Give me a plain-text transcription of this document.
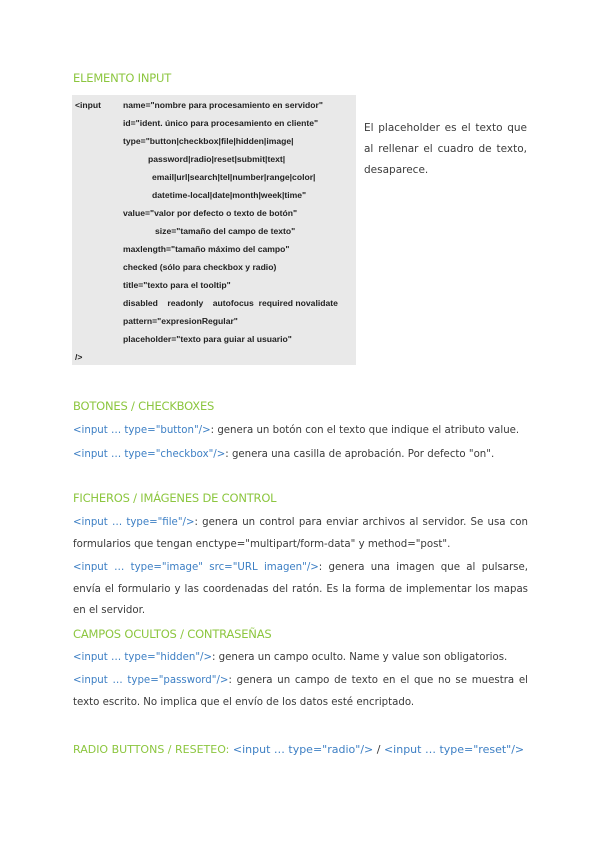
ELEMENTO INPUT
<input	name="nombre para procesamiento en servidor"
id="ident. único para procesamiento en cliente"
type="button|checkbox|file|hidden|image|
password|radio|reset|submit|text|
email|url|search|tel|number|range|color|
datetime-local|date|month|week|time"
value="valor por defecto o texto de botón"
size="tamaño del campo de texto"
maxlength="tamaño máximo del campo"
checked (sólo para checkbox y radio)
title="texto para el tooltip"
disabled    readonly    autofocus  required novalidate
pattern="expresionRegular"
placeholder="texto para guiar al usuario"
/>

El placeholder es el texto que al rellenar el cuadro de texto, desaparece.

BOTONES / CHECKBOXES

<input … type="button"/>: genera un botón con el texto que indique el atributo value.

<input … type="checkbox"/>: genera una casilla de aprobación. Por defecto "on".

FICHEROS / IMÁGENES DE CONTROL

<input … type="file"/>: genera un control para enviar archivos al servidor. Se usa con formularios que tengan enctype="multipart/form-data" y method="post".

<input … type="image" src="URL imagen"/>: genera una imagen que al pulsarse, envía el formulario y las coordenadas del ratón. Es la forma de implementar los mapas en el servidor.

CAMPOS OCULTOS / CONTRASEÑAS

<input … type="hidden"/>: genera un campo oculto. Name y value son obligatorios.

<input … type="password"/>: genera un campo de texto en el que no se muestra el texto escrito. No implica que el envío de los datos esté encriptado.

RADIO BUTTONS / RESETEO: <input … type="radio"/> / <input … type="reset"/>
